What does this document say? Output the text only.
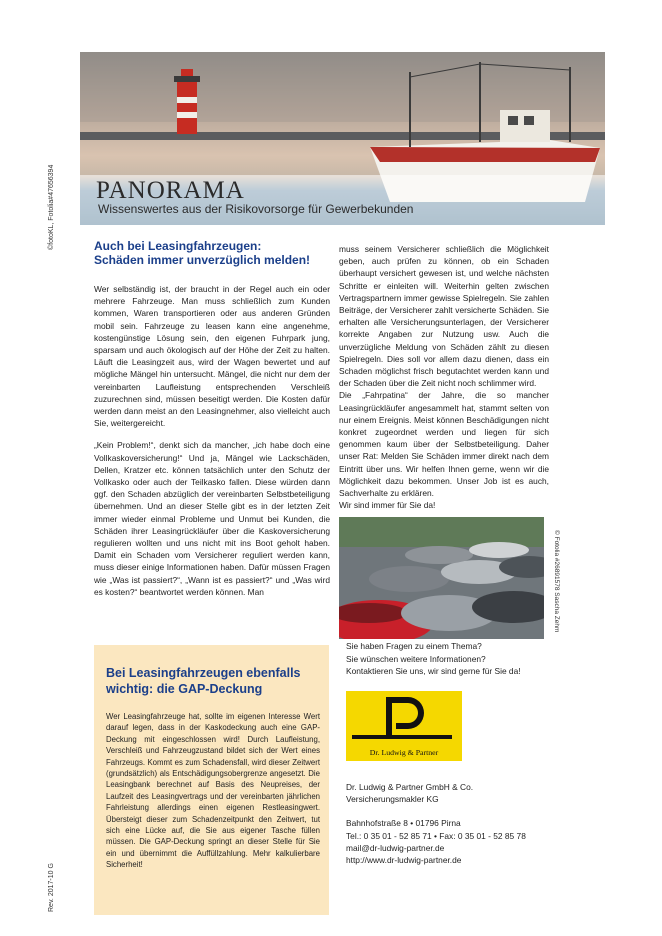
PANORAMA
Wissenswertes aus der Risikovorsorge für Gewerbekunden
©fotoKL, Fotolia#47656394	Auch bei Leasingfahrzeugen:
Schäden immer unverzüglich melden!

Wer selbständig ist, der braucht in der Regel auch ein oder mehrere Fahrzeuge. Man muss schließlich zum Kunden kommen, Waren transportieren oder aus anderen Gründen mobil sein. Fahrzeuge zu leasen kann eine angenehme, kostengünstige Lösung sein, den eigenen Fuhrpark jung, sparsam und auch ökologisch auf der Höhe der Zeit zu halten. Läuft die Leasingzeit aus, wird der Wagen bewertet und auf mögliche Mängel hin untersucht. Mängel, die nicht nur dem der vereinbarten Laufleistung entsprechenden Verschleiß zuzurechnen sind, müssen beseitigt werden. Die Kosten dafür werden dann meist an den Leasingnehmer, also vielleicht auch Sie, weitergereicht.

„Kein Problem!“, denkt sich da mancher, „ich habe doch eine Vollkaskoversicherung!“ Und ja, Mängel wie Lackschäden, Dellen, Kratzer etc. können tatsächlich unter den Schutz der Vollkasko oder auch der Teilkasko fallen. Diese würden dann ggf. den Schaden abzüglich der vereinbarten Selbstbeteiligung übernehmen. Und an dieser Stelle gibt es in der letzten Zeit immer wieder einmal Probleme und Unmut bei Kunden, die Schäden ihrer Leasingrückläufer über die Kaskoversicherung regulieren wollten und uns nicht mit ins Boot geholt haben. Damit ein Schaden vom Versicherer reguliert werden kann, muss dieser einige Informationen haben. Dafür müssen Fragen wie „Was ist passiert?“, „Wann ist es passiert?“ und „Was wird es kosten?“ beantwortet werden können. Man

muss seinem Versicherer schließlich die Möglichkeit geben, auch prüfen zu können, ob ein Schaden überhaupt versichert gewesen ist, und welche nächsten Schritte er einleiten will. Weiterhin gelten zwischen Vertragspartnern immer gewisse Spielregeln. Sie zahlen Beiträge, der Versicherer zahlt versicherte Schäden. Sie erhalten alle Versicherungsunterlagen, der Versicherer korrekte Angaben zur Nutzung usw. Auch die unverzügliche Meldung von Schäden zählt zu diesen Spielregeln. Dies soll vor allem dazu dienen, dass ein Schaden möglichst frisch begutachtet werden kann und der Schaden über die Zeit nicht noch schlimmer wird.

Die „Fahrpatina“ der Jahre, die so mancher Leasingrückläufer angesammelt hat, stammt selten von nur einem Ereignis. Meist können Beschädigungen nicht konkret zugeordnet werden und liegen für sich genommen kaum über der Selbstbeteiligung. Daher unser Rat: Melden Sie Schäden immer direkt nach dem Eintritt über uns. Wir helfen Ihnen gerne, wenn wir die Möglichkeit dazu bekommen. Unser Job ist es auch, Sachverhalte zu erklären.

Wir sind immer für Sie da!

Bei Leasingfahrzeugen ebenfalls wichtig: die GAP-Deckung
Wer Leasingfahrzeuge hat, sollte im eigenen Interesse Wert darauf legen, dass in der Kaskodeckung auch eine GAP-Deckung mit eingeschlossen wird! Durch Laufleistung, Verschleiß und Fahrzeugzustand bildet sich der Wert eines Fahrzeugs. Kommt es zum Schadensfall, wird dieser Zeitwert (grundsätzlich) als Entschädigungsobergrenze angesetzt. Die Leasingbank berechnet auf Basis des Neupreises, der Laufzeit des Leasingvertrags und der vereinbarten jährlichen Fahrleistung allerdings einen eigenen Restleasingwert. Übersteigt dieser zum Schadenzeitpunkt den Zeitwert, tut sich eine Lücke auf, die Sie aus eigener Tasche füllen müssen. Die GAP-Deckung springt an dieser Stelle für Sie ein und übernimmt die Auffüllzahlung. Mehr kalkulierbare Sicherheit!
© Fotolia #26891578 Sascha Zehm
Sie haben Fragen zu einem Thema?
Sie wünschen weitere Informationen?
Kontaktieren Sie uns, wir sind gerne für Sie da!
Dr. Ludwig & Partner
Dr. Ludwig & Partner GmbH & Co.
Versicherungsmakler KG
Bahnhofstraße 8 • 01796 Pirna
Tel.: 0 35 01 - 52 85 71 • Fax: 0 35 01 - 52 85 78
mail@dr-ludwig-partner.de
http://www.dr-ludwig-partner.de
Rev. 2017-10 G
